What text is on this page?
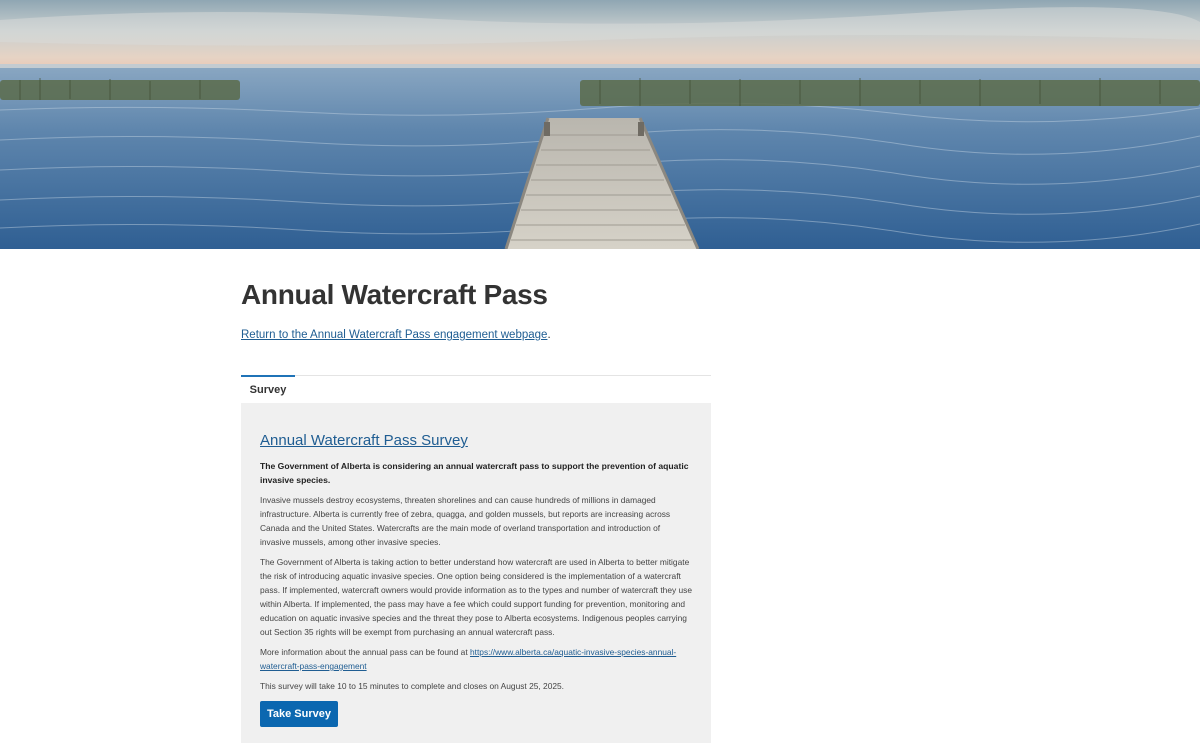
Annual Watercraft Pass
Return to the Annual Watercraft Pass engagement webpage.
Survey
Annual Watercraft Pass Survey

The Government of Alberta is considering an annual watercraft pass to support the prevention of aquatic invasive species.

Invasive mussels destroy ecosystems, threaten shorelines and can cause hundreds of millions in damaged infrastructure. Alberta is currently free of zebra, quagga, and golden mussels, but reports are increasing across Canada and the United States. Watercrafts are the main mode of overland transportation and introduction of invasive mussels, among other invasive species.

The Government of Alberta is taking action to better understand how watercraft are used in Alberta to better mitigate the risk of introducing aquatic invasive species. One option being considered is the implementation of a watercraft pass. If implemented, watercraft owners would provide information as to the types and number of watercraft they use within Alberta. If implemented, the pass may have a fee which could support funding for prevention, monitoring and education on aquatic invasive species and the threat they pose to Alberta ecosystems. Indigenous peoples carrying out Section 35 rights will be exempt from purchasing an annual watercraft pass.

More information about the annual pass can be found at https://www.alberta.ca/aquatic-invasive-species-annual-watercraft-pass-engagement

This survey will take 10 to 15 minutes to complete and closes on August 25, 2025.

Take Survey
